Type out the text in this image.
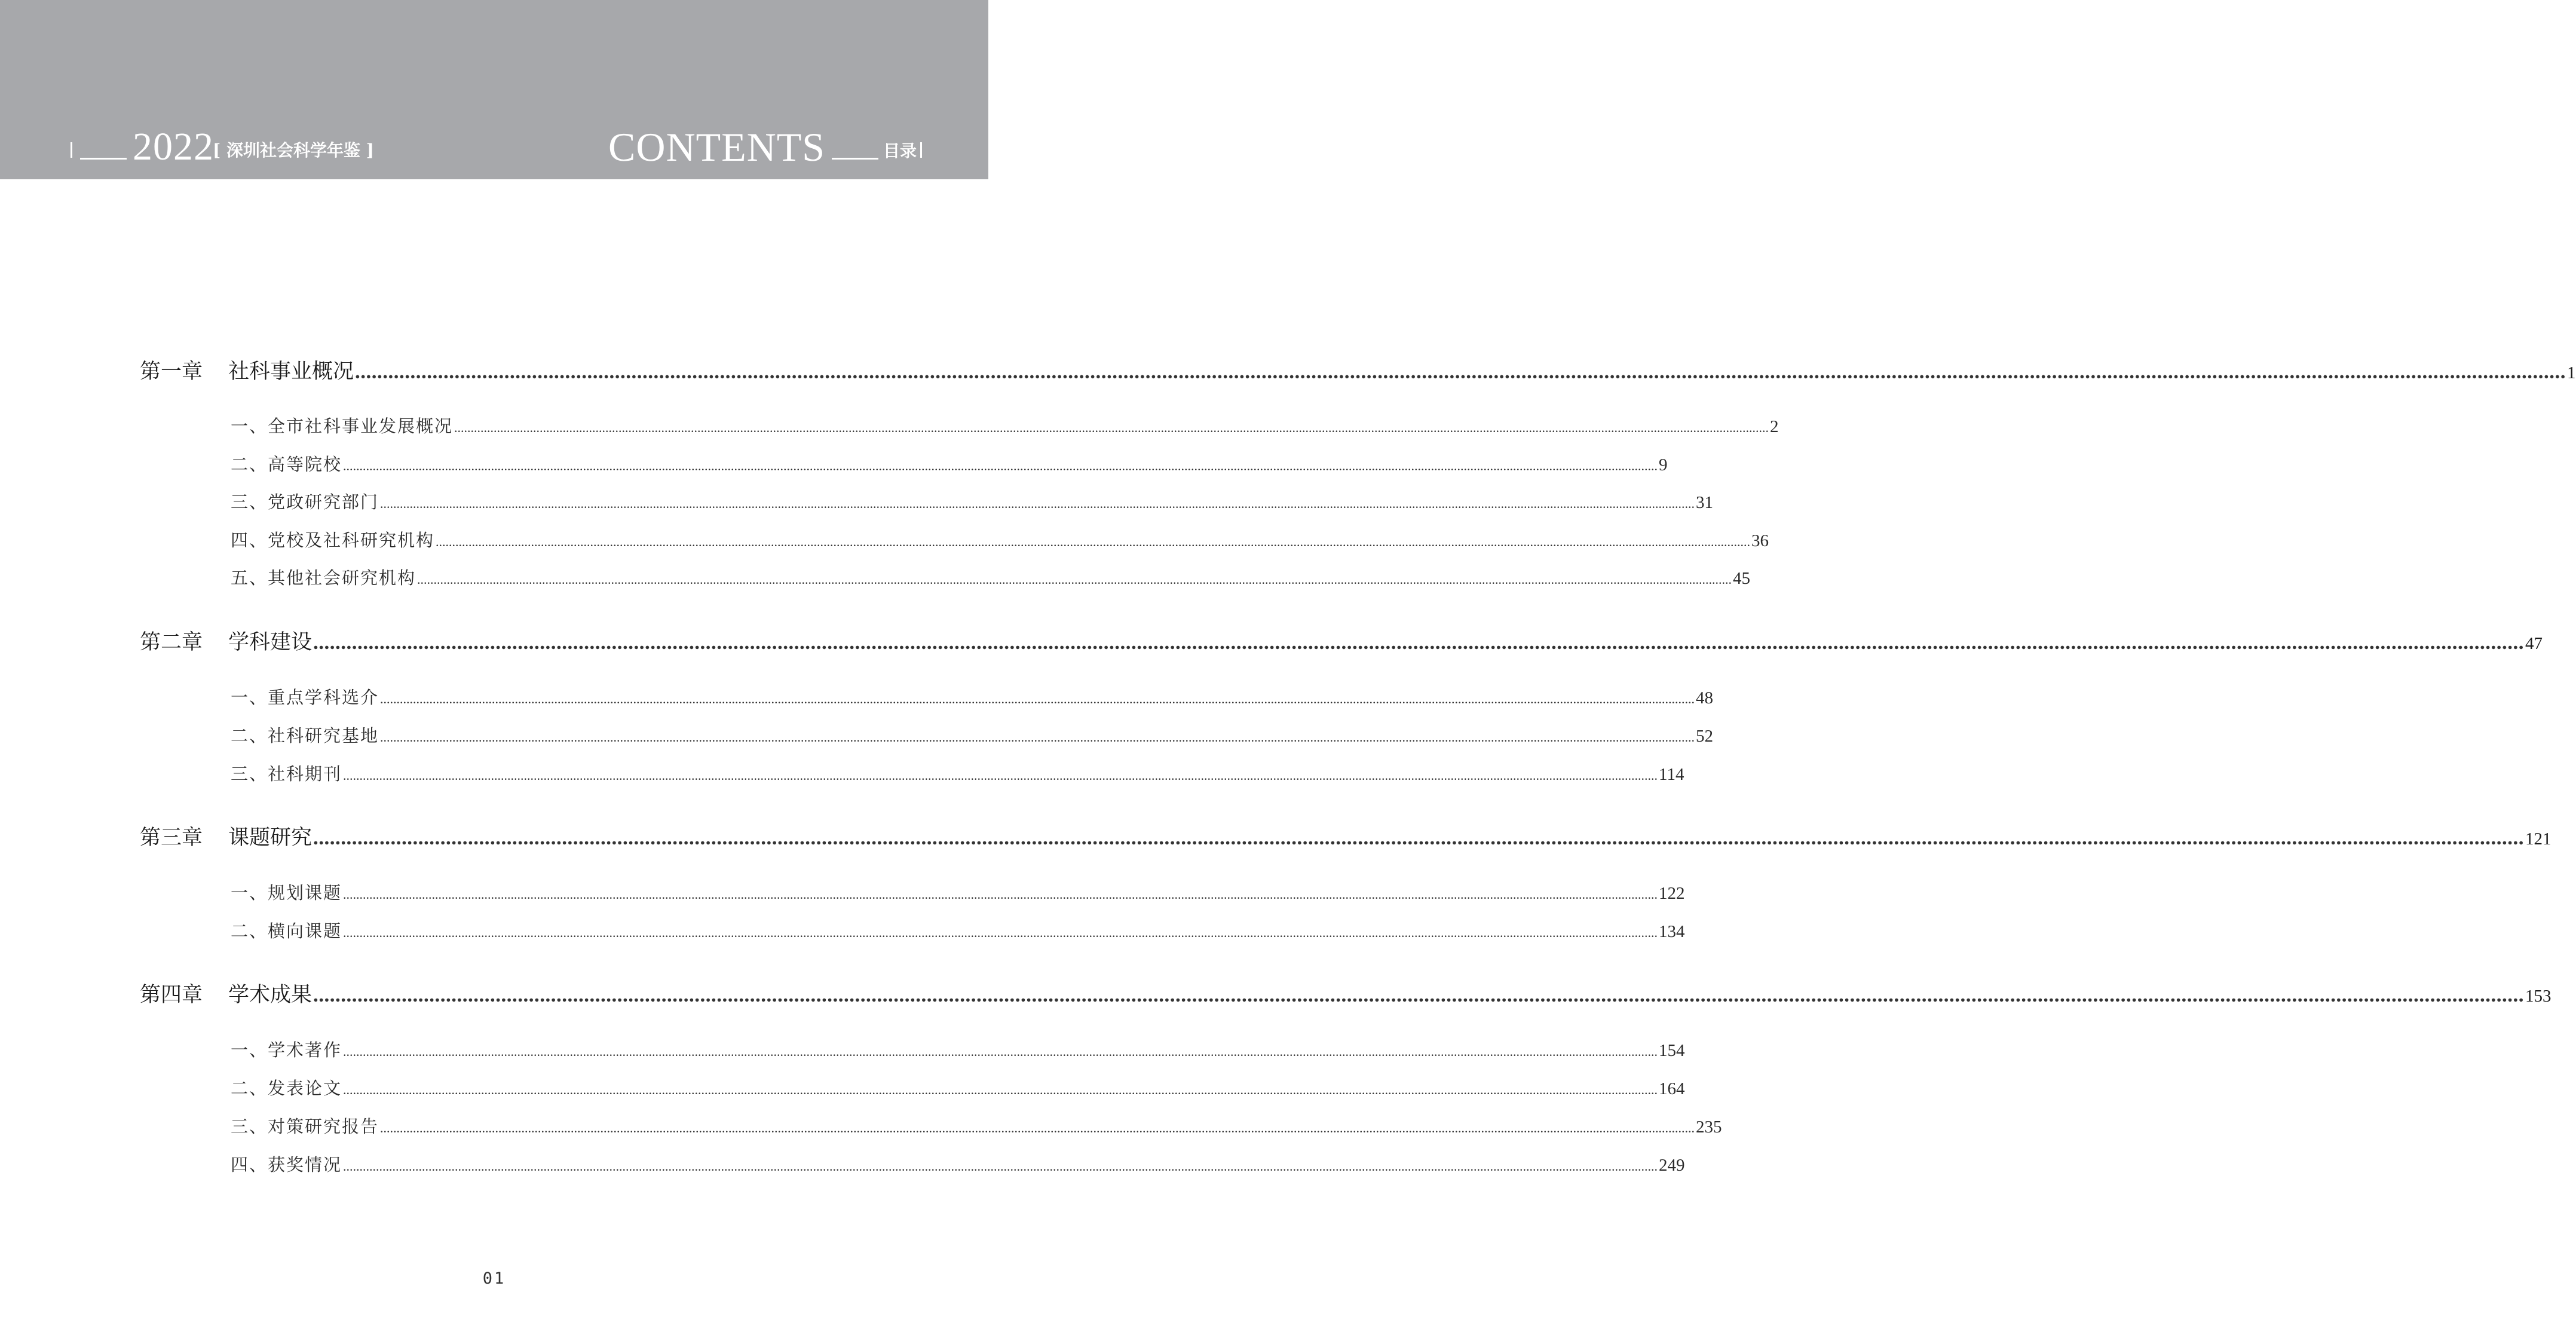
2022
[ 深圳社会科学年鉴 ]	CONTENTS	目录
第一章	社科事业概况 ................................................................................................................................................................................................................................................................................................................................................................................................................ 1
一、全市社科事业发展概况 ................................................................................................................................................................................................................................................................................................................................................................................................................ 2
二、高等院校 ................................................................................................................................................................................................................................................................................................................................................................................................................ 9
三、党政研究部门 ................................................................................................................................................................................................................................................................................................................................................................................................................ 31
四、党校及社科研究机构 ................................................................................................................................................................................................................................................................................................................................................................................................................ 36
五、其他社会研究机构 ................................................................................................................................................................................................................................................................................................................................................................................................................ 45
第二章	学科建设 ................................................................................................................................................................................................................................................................................................................................................................................................................ 47
一、重点学科选介 ................................................................................................................................................................................................................................................................................................................................................................................................................ 48
二、社科研究基地 ................................................................................................................................................................................................................................................................................................................................................................................................................ 52
三、社科期刊 ................................................................................................................................................................................................................................................................................................................................................................................................................ 114
第三章	课题研究 ................................................................................................................................................................................................................................................................................................................................................................................................................ 121
一、规划课题 ................................................................................................................................................................................................................................................................................................................................................................................................................ 122
二、横向课题 ................................................................................................................................................................................................................................................................................................................................................................................................................ 134
第四章	学术成果 ................................................................................................................................................................................................................................................................................................................................................................................................................ 153
一、学术著作 ................................................................................................................................................................................................................................................................................................................................................................................................................ 154
二、发表论文 ................................................................................................................................................................................................................................................................................................................................................................................................................ 164
三、对策研究报告 ................................................................................................................................................................................................................................................................................................................................................................................................................ 235
四、获奖情况 ................................................................................................................................................................................................................................................................................................................................................................................................................ 249
01
